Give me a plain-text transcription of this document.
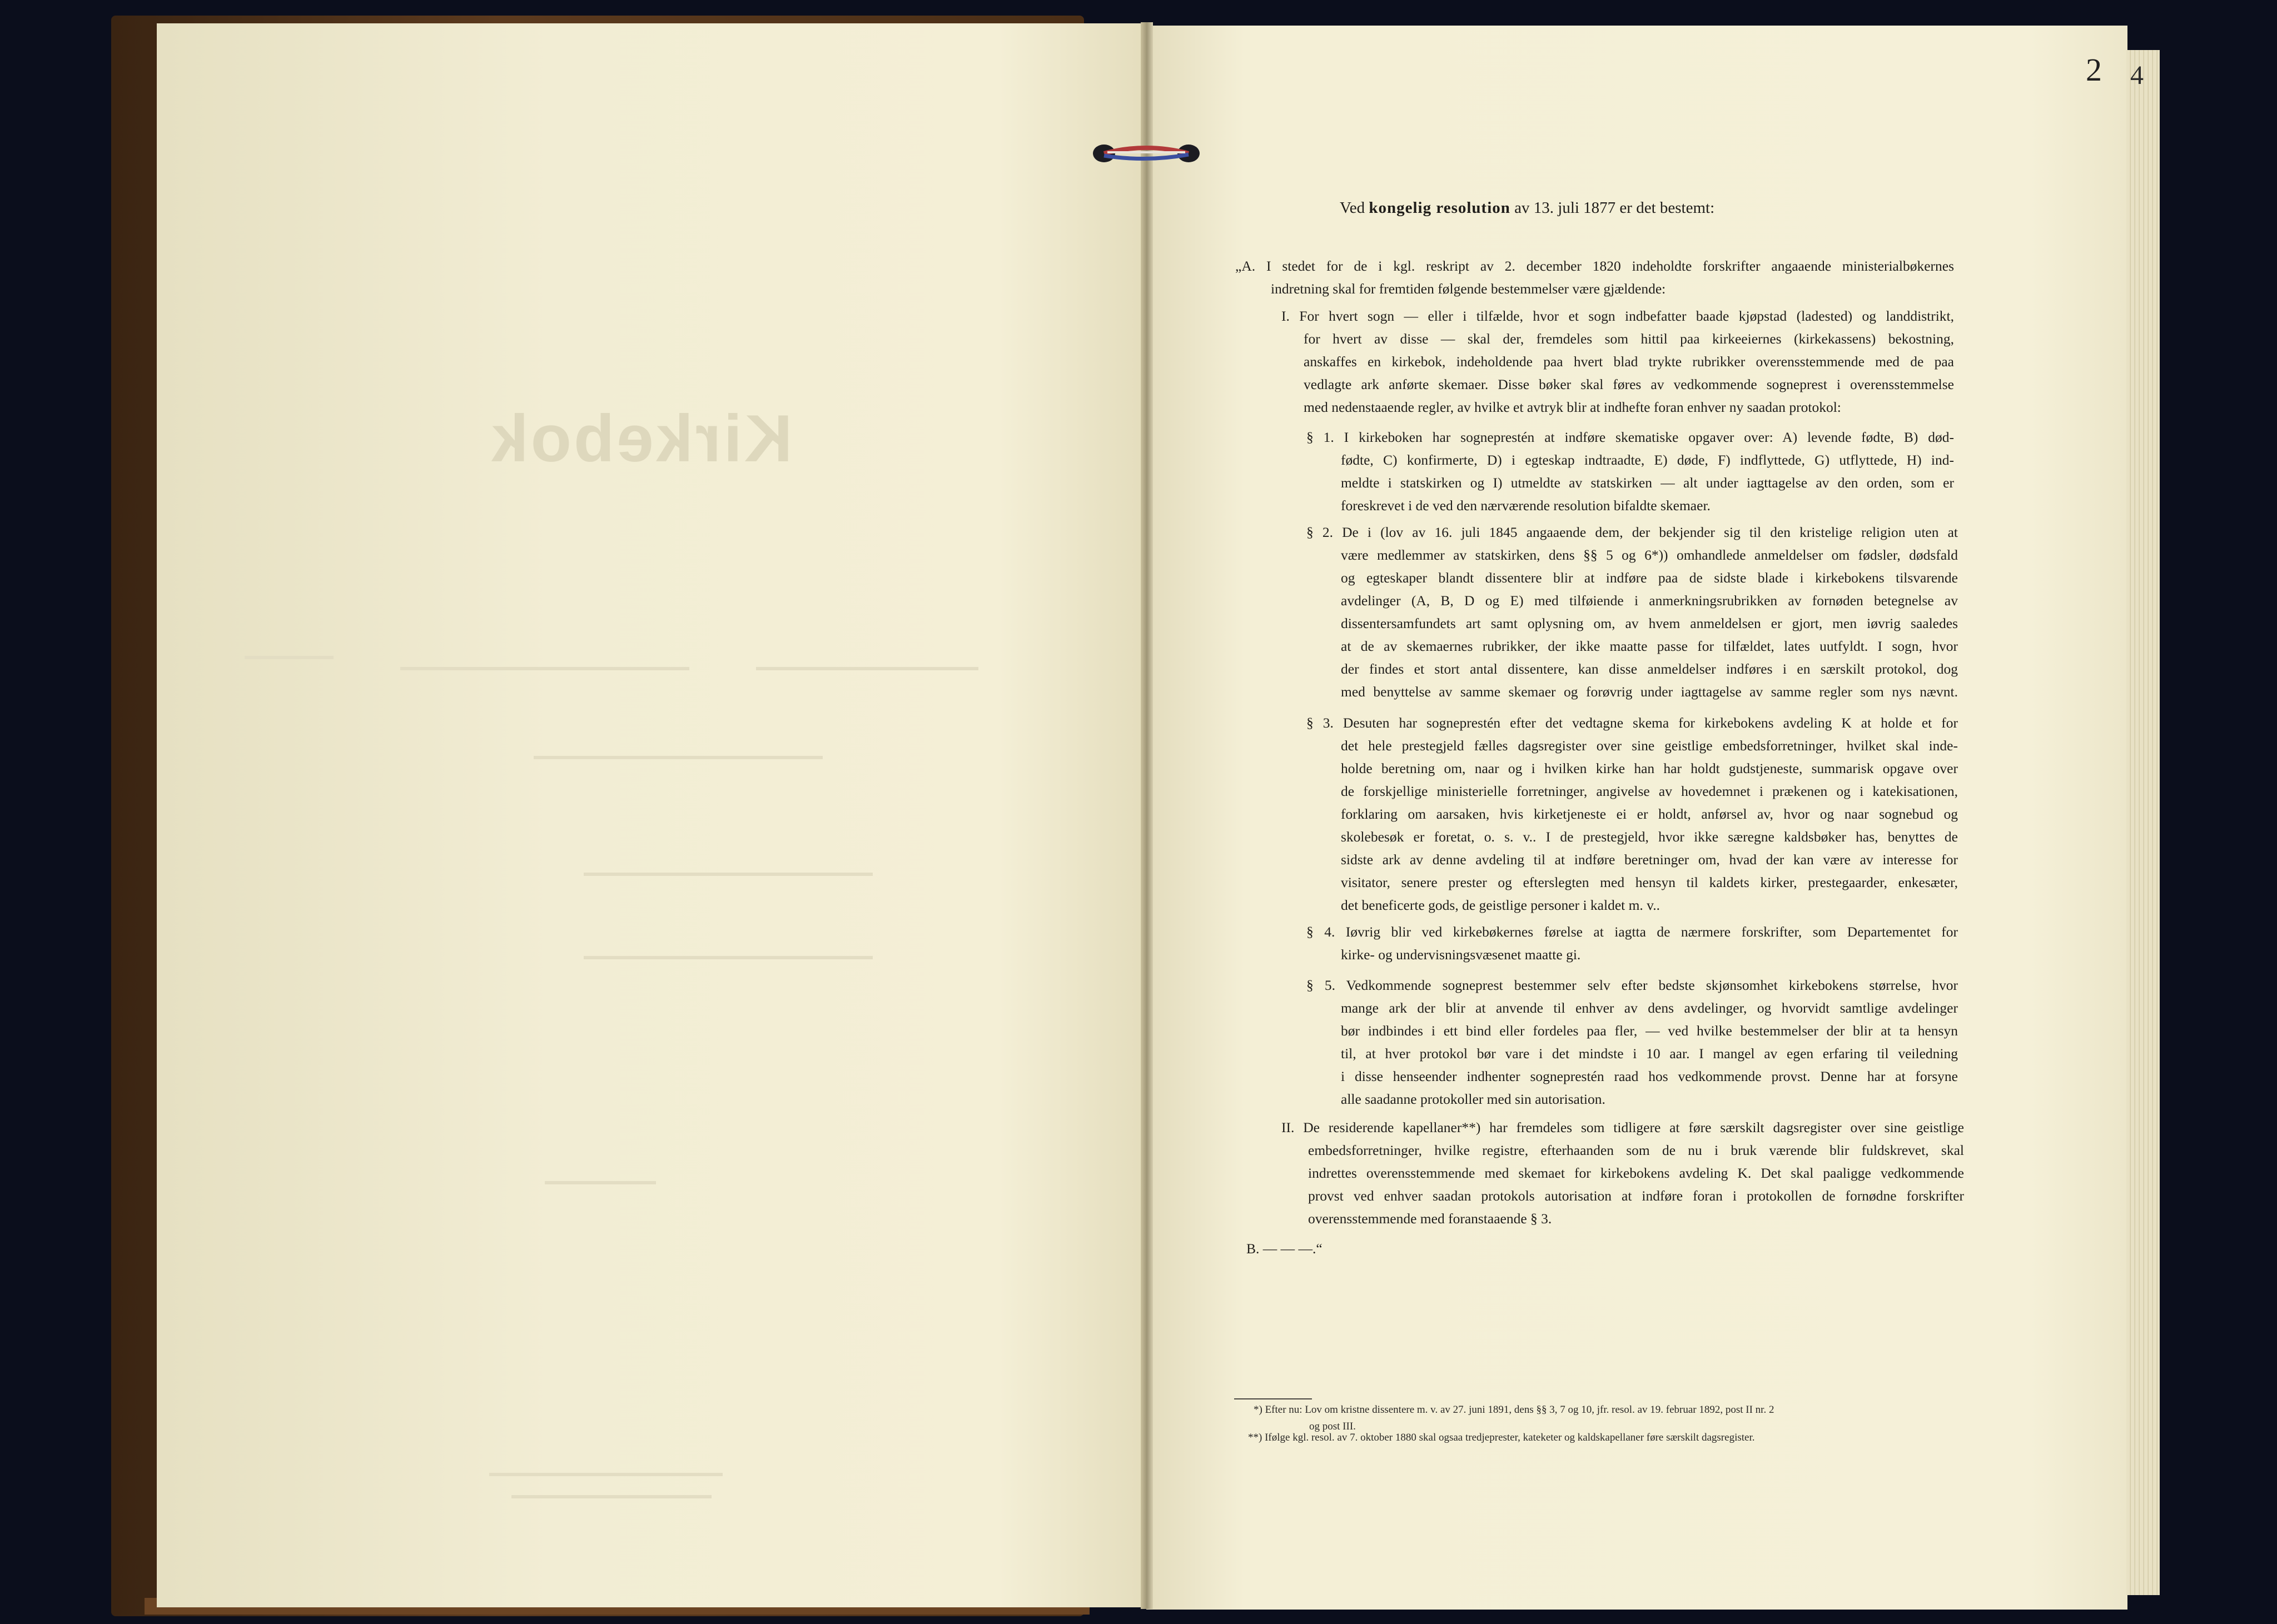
Kirkebok
2 4
Ved kongelig resolution av 13. juli 1877 er det bestemt:
„A. I stedet for de i kgl. reskript av 2. december 1820 indeholdte forskrifter angaaende ministerialbøkernes
indretning skal for fremtiden følgende bestemmelser være gjældende:
I. For hvert sogn — eller i tilfælde, hvor et sogn indbefatter baade kjøpstad (ladested) og landdistrikt,
for hvert av disse — skal der, fremdeles som hittil paa kirkeeiernes (kirkekassens) bekostning,
anskaffes en kirkebok, indeholdende paa hvert blad trykte rubrikker overensstemmende med de paa
vedlagte ark anførte skemaer. Disse bøker skal føres av vedkommende sogneprest i overensstemmelse
med nedenstaaende regler, av hvilke et avtryk blir at indhefte foran enhver ny saadan protokol:
§ 1. I kirkeboken har sogneprestén at indføre skematiske opgaver over: A) levende fødte, B) død-
fødte, C) konfirmerte, D) i egteskap indtraadte, E) døde, F) indflyttede, G) utflyttede, H) ind-
meldte i statskirken og I) utmeldte av statskirken — alt under iagttagelse av den orden, som er
foreskrevet i de ved den nærværende resolution bifaldte skemaer.
§ 2. De i (lov av 16. juli 1845 angaaende dem, der bekjender sig til den kristelige religion uten at
være medlemmer av statskirken, dens §§ 5 og 6*)) omhandlede anmeldelser om fødsler, dødsfald
og egteskaper blandt dissentere blir at indføre paa de sidste blade i kirkebokens tilsvarende
avdelinger (A, B, D og E) med tilføiende i anmerkningsrubrikken av fornøden betegnelse av
dissentersamfundets art samt oplysning om, av hvem anmeldelsen er gjort, men iøvrig saaledes
at de av skemaernes rubrikker, der ikke maatte passe for tilfældet, lates uutfyldt. I sogn, hvor
der findes et stort antal dissentere, kan disse anmeldelser indføres i en særskilt protokol, dog
med benyttelse av samme skemaer og forøvrig under iagttagelse av samme regler som nys nævnt.
§ 3. Desuten har sogneprestén efter det vedtagne skema for kirkebokens avdeling K at holde et for
det hele prestegjeld fælles dagsregister over sine geistlige embedsforretninger, hvilket skal inde-
holde beretning om, naar og i hvilken kirke han har holdt gudstjeneste, summarisk opgave over
de forskjellige ministerielle forretninger, angivelse av hovedemnet i prækenen og i katekisationen,
forklaring om aarsaken, hvis kirketjeneste ei er holdt, anførsel av, hvor og naar sognebud og
skolebesøk er foretat, o. s. v.. I de prestegjeld, hvor ikke særegne kaldsbøker has, benyttes de
sidste ark av denne avdeling til at indføre beretninger om, hvad der kan være av interesse for
visitator, senere prester og efterslegten med hensyn til kaldets kirker, prestegaarder, enkesæter,
det beneficerte gods, de geistlige personer i kaldet m. v..
§ 4. Iøvrig blir ved kirkebøkernes førelse at iagtta de nærmere forskrifter, som Departementet for
kirke- og undervisningsvæsenet maatte gi.
§ 5. Vedkommende sogneprest bestemmer selv efter bedste skjønsomhet kirkebokens størrelse, hvor
mange ark der blir at anvende til enhver av dens avdelinger, og hvorvidt samtlige avdelinger
bør indbindes i ett bind eller fordeles paa fler, — ved hvilke bestemmelser der blir at ta hensyn
til, at hver protokol bør vare i det mindste i 10 aar. I mangel av egen erfaring til veiledning
i disse henseender indhenter sogneprestén raad hos vedkommende provst. Denne har at forsyne
alle saadanne protokoller med sin autorisation.
II. De residerende kapellaner**) har fremdeles som tidligere at føre særskilt dagsregister over sine geistlige
embedsforretninger, hvilke registre, efterhaanden som de nu i bruk værende blir fuldskrevet, skal
indrettes overensstemmende med skemaet for kirkebokens avdeling K. Det skal paaligge vedkommende
provst ved enhver saadan protokols autorisation at indføre foran i protokollen de fornødne forskrifter
overensstemmende med foranstaaende § 3.
B. — — —.“
*) Efter nu: Lov om kristne dissentere m. v. av 27. juni 1891, dens §§ 3, 7 og 10, jfr. resol. av 19. februar 1892, post II nr. 2
og post III.
**) Ifølge kgl. resol. av 7. oktober 1880 skal ogsaa tredjeprester, kateketer og kaldskapellaner føre særskilt dagsregister.
